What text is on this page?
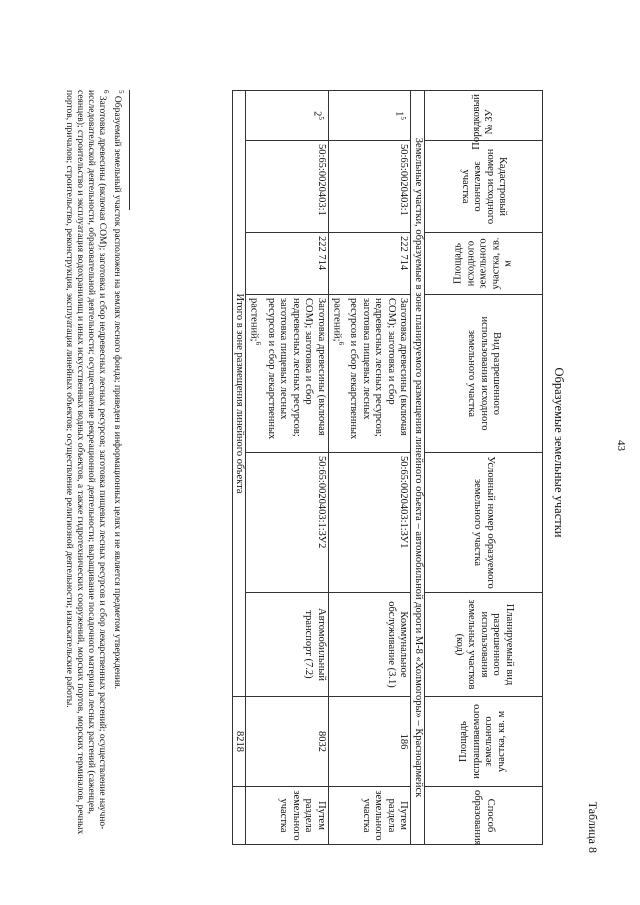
43
Таблица 8
Образуемые земельные участки
Порядковый № ЗУ	Кадастровый номер исходного земельного участка	Площадь исходного земельного участка, кв. м	Вид разрешенного использования исходного земельного участка	Условный номер образуемого земельного участка	Планируемый вид разрешенного использования земельных участков (код)	Площадь испрашиваемого земельного участка, кв. м	Способ образования
Земельные участки, образуемые в зоне планируемого размещения линейного объекта – автомобильной дороги М-8 «Холмогоры» – Красноармейск							
$1^5$	50:65:0020403:1	222 714	Заготовка древесины (включая СОМ); заготовка и сбор недревесных лесных ресурсов; заготовка пищевых лесных ресурсов и сбор лекарственных растений;$^6$	50:65:0020403:1:ЗУ1	Коммунальное обслуживание (3.1)	186	Путем раздела земельного участка
$2^5$	50:65:0020403:1	222 714	Заготовка древесины (включая СОМ); заготовка и сбор недревесных лесных ресурсов; заготовка пищевых лесных ресурсов и сбор лекарственных растений;$^6$	50:65:0020403:1:ЗУ2	Автомобильный транспорт (7.2)	8032	Путем раздела земельного участка
Итого в зоне размещения линейного объекта						8218	
$^5$ Образуемый земельный участок расположен на землях лесного фонда; приведен в информационных целях и не является предметом утверждения.
$^6$ Заготовка древесины (включая СОМ); заготовка и сбор недревесных лесных ресурсов; заготовка пищевых лесных ресурсов и сбор лекарственных растений; осуществление научно-исследовательской деятельности, образовательной деятельности; осуществление рекреационной деятельности; выращивание посадочного материала лесных растений (саженцев, сеянцев); строительство и эксплуатация водохранилищ и иных искусственных водных объектов, а также гидротехнических сооружений, морских портов, морских терминалов, речных портов, причалов; строительство, реконструкция, эксплуатация линейных объектов; осуществление религиозной деятельности; изыскательские работы.
